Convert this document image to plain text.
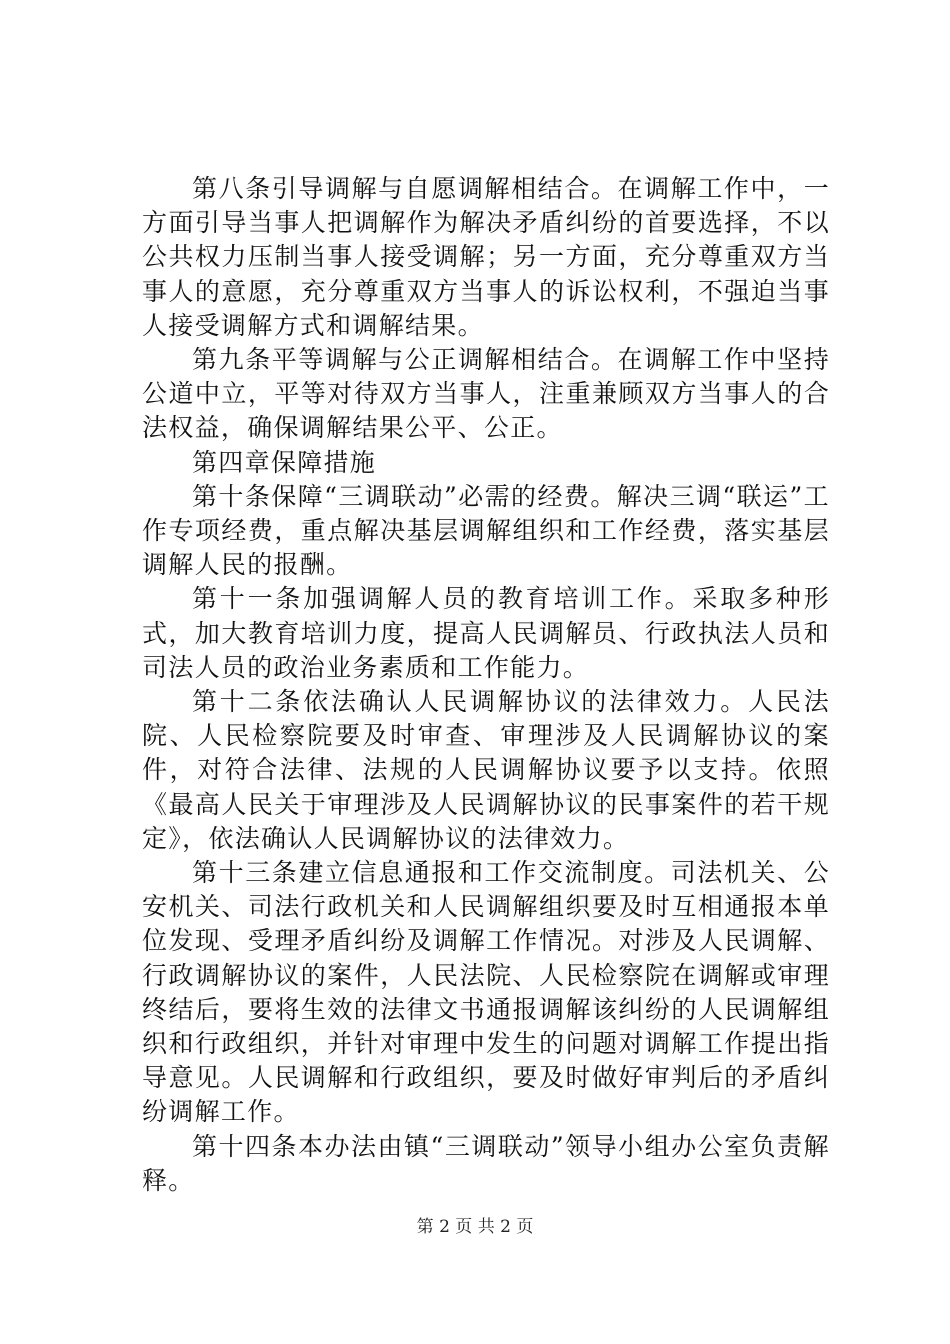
第八条引导调解与自愿调解相结合。在调解工作中，一方面引导当事人把调解作为解决矛盾纠纷的首要选择，不以公共权力压制当事人接受调解；另一方面，充分尊重双方当事人的意愿，充分尊重双方当事人的诉讼权利，不强迫当事人接受调解方式和调解结果。

第九条平等调解与公正调解相结合。在调解工作中坚持公道中立，平等对待双方当事人，注重兼顾双方当事人的合法权益，确保调解结果公平、公正。

第四章保障措施

第十条保障“三调联动”必需的经费。解决三调“联运”工作专项经费，重点解决基层调解组织和工作经费，落实基层调解人民的报酬。

第十一条加强调解人员的教育培训工作。采取多种形式，加大教育培训力度，提高人民调解员、行政执法人员和司法人员的政治业务素质和工作能力。

第十二条依法确认人民调解协议的法律效力。人民法院、人民检察院要及时审查、审理涉及人民调解协议的案件，对符合法律、法规的人民调解协议要予以支持。依照《最高人民关于审理涉及人民调解协议的民事案件的若干规定》，依法确认人民调解协议的法律效力。

第十三条建立信息通报和工作交流制度。司法机关、公安机关、司法行政机关和人民调解组织要及时互相通报本单位发现、受理矛盾纠纷及调解工作情况。对涉及人民调解、行政调解协议的案件，人民法院、人民检察院在调解或审理终结后，要将生效的法律文书通报调解该纠纷的人民调解组织和行政组织，并针对审理中发生的问题对调解工作提出指导意见。人民调解和行政组织，要及时做好审判后的矛盾纠纷调解工作。

第十四条本办法由镇“三调联动”领导小组办公室负责解释。

第 2 页 共 2 页
